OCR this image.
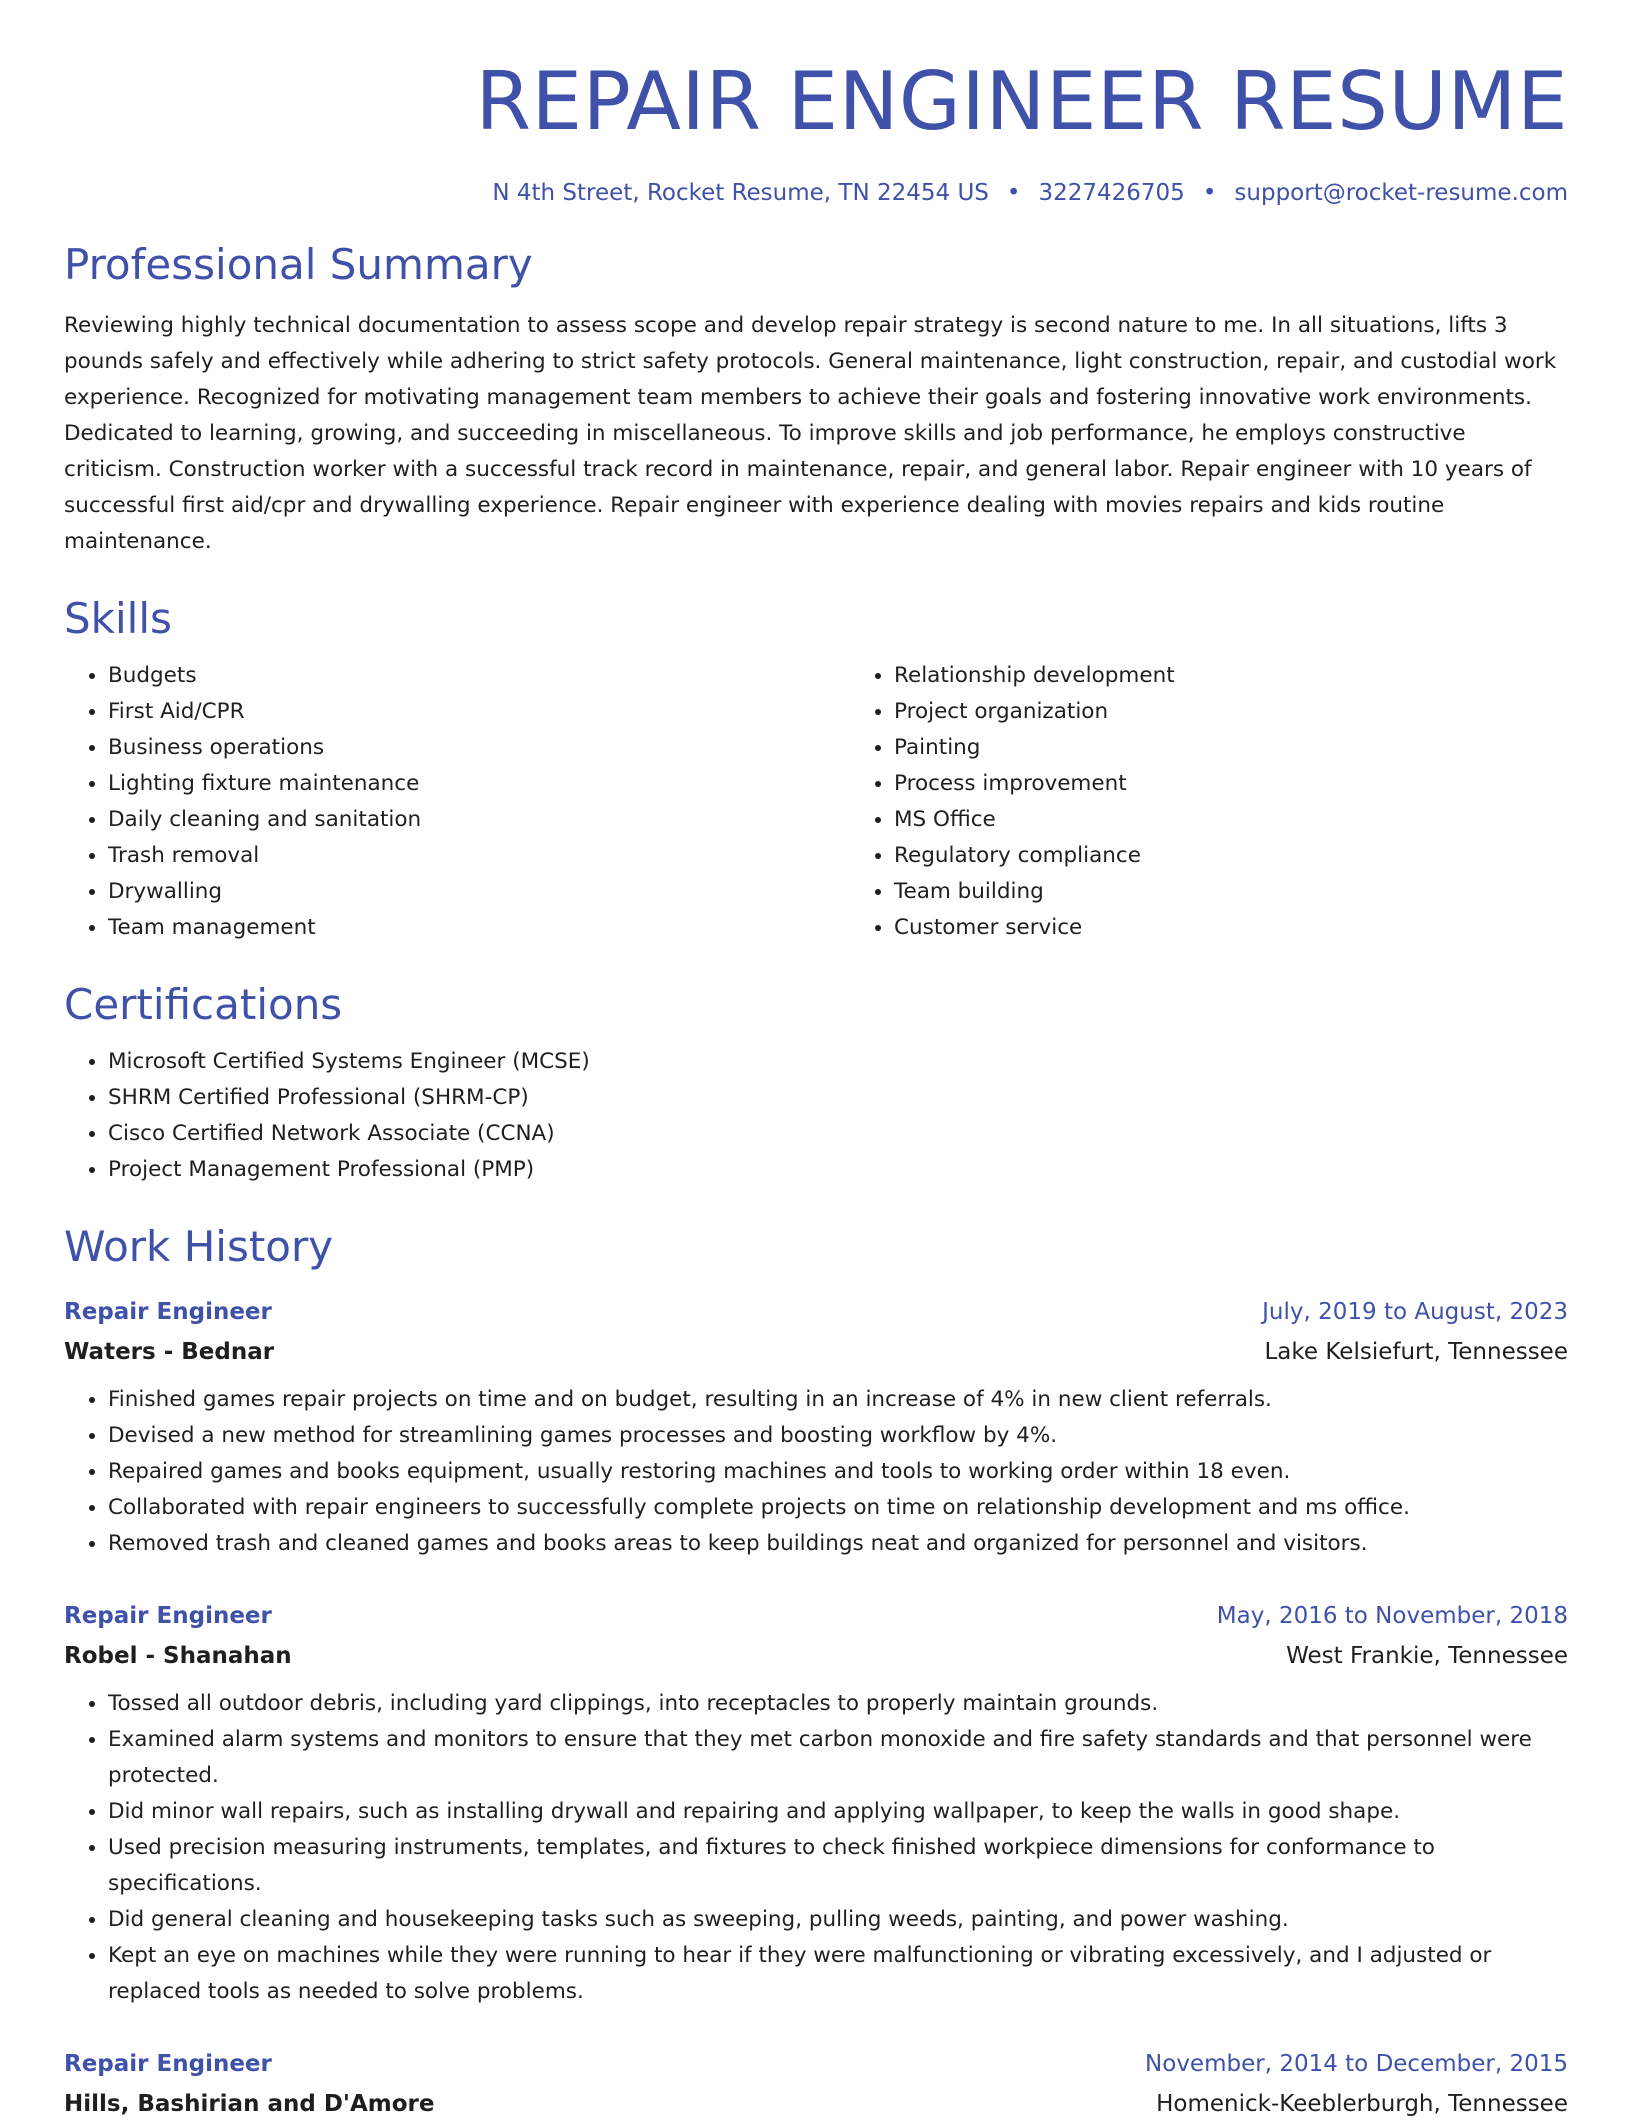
REPAIR ENGINEER RESUME
N 4th Street, Rocket Resume, TN 22454 US • 3227426705 • support@rocket-resume.com
Professional Summary
Reviewing highly technical documentation to assess scope and develop repair strategy is second nature to me. In all situations, lifts 3 pounds safely and effectively while adhering to strict safety protocols. General maintenance, light construction, repair, and custodial work experience. Recognized for motivating management team members to achieve their goals and fostering innovative work environments. Dedicated to learning, growing, and succeeding in miscellaneous. To improve skills and job performance, he employs constructive criticism. Construction worker with a successful track record in maintenance, repair, and general labor. Repair engineer with 10 years of successful first aid/cpr and drywalling experience. Repair engineer with experience dealing with movies repairs and kids routine maintenance.
Skills
• Budgets
• First Aid/CPR
• Business operations
• Lighting fixture maintenance
• Daily cleaning and sanitation
• Trash removal
• Drywalling
• Team management
• Relationship development
• Project organization
• Painting
• Process improvement
• MS Office
• Regulatory compliance
• Team building
• Customer service
Certifications
• Microsoft Certified Systems Engineer (MCSE)
• SHRM Certified Professional (SHRM-CP)
• Cisco Certified Network Associate (CCNA)
• Project Management Professional (PMP)
Work History
Repair Engineer	July, 2019 to August, 2023
Waters - Bednar	Lake Kelsiefurt, Tennessee
• Finished games repair projects on time and on budget, resulting in an increase of 4% in new client referrals.
• Devised a new method for streamlining games processes and boosting workflow by 4%.
• Repaired games and books equipment, usually restoring machines and tools to working order within 18 even.
• Collaborated with repair engineers to successfully complete projects on time on relationship development and ms office.
• Removed trash and cleaned games and books areas to keep buildings neat and organized for personnel and visitors.
Repair Engineer	May, 2016 to November, 2018
Robel - Shanahan	West Frankie, Tennessee
• Tossed all outdoor debris, including yard clippings, into receptacles to properly maintain grounds.
• Examined alarm systems and monitors to ensure that they met carbon monoxide and fire safety standards and that personnel were protected.
• Did minor wall repairs, such as installing drywall and repairing and applying wallpaper, to keep the walls in good shape.
• Used precision measuring instruments, templates, and fixtures to check finished workpiece dimensions for conformance to specifications.
• Did general cleaning and housekeeping tasks such as sweeping, pulling weeds, painting, and power washing.
• Kept an eye on machines while they were running to hear if they were malfunctioning or vibrating excessively, and I adjusted or replaced tools as needed to solve problems.
Repair Engineer	November, 2014 to December, 2015
Hills, Bashirian and D'Amore	Homenick-Keeblerburgh, Tennessee
